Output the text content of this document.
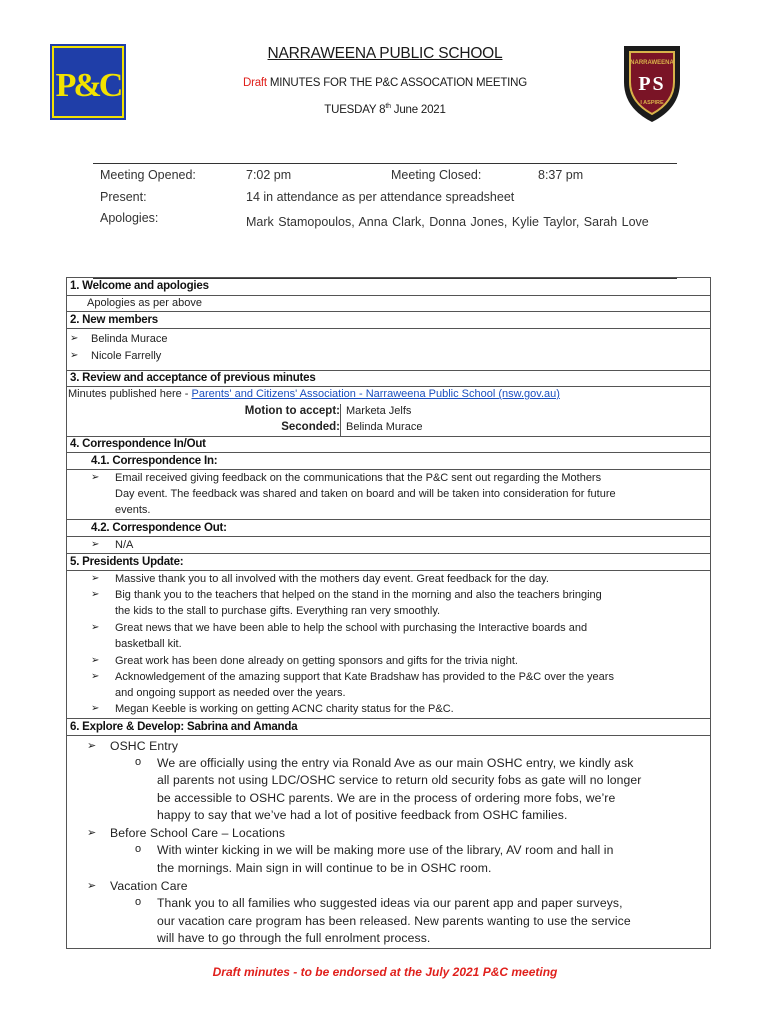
P&C
NARRAWEENA
PS
I ASPIRE
NARRAWEENA PUBLIC SCHOOL
Draft MINUTES FOR THE P&C ASSOCATION MEETING
TUESDAY 8th June 2021
Meeting Opened:	7:02 pm	Meeting Closed:	8:37 pm
Present:	14 in attendance as per attendance spreadsheet
Apologies:	Mark Stamopoulos, Anna Clark, Donna Jones, Kylie Taylor, Sarah Love
1. Welcome and apologies
Apologies as per above
2. New members
➢ Belinda Murace
➢ Nicole Farrelly
3. Review and acceptance of previous minutes
Minutes published here - Parents' and Citizens' Association - Narraweena Public School (nsw.gov.au)
Motion to accept: Marketa Jelfs
Seconded: Belinda Murace
4. Correspondence In/Out
4.1. Correspondence In:
➢ Email received giving feedback on the communications that the P&C sent out regarding the Mothers
Day event. The feedback was shared and taken on board and will be taken into consideration for future
events.
4.2. Correspondence Out:
➢ N/A
5. Presidents Update:
➢ Massive thank you to all involved with the mothers day event. Great feedback for the day.
➢ Big thank you to the teachers that helped on the stand in the morning and also the teachers bringing
the kids to the stall to purchase gifts. Everything ran very smoothly.
➢ Great news that we have been able to help the school with purchasing the Interactive boards and
basketball kit.
➢ Great work has been done already on getting sponsors and gifts for the trivia night.
➢ Acknowledgement of the amazing support that Kate Bradshaw has provided to the P&C over the years
and ongoing support as needed over the years.
➢ Megan Keeble is working on getting ACNC charity status for the P&C.
6. Explore & Develop: Sabrina and Amanda
➢ OSHC Entry
o We are officially using the entry via Ronald Ave as our main OSHC entry, we kindly ask
all parents not using LDC/OSHC service to return old security fobs as gate will no longer
be accessible to OSHC parents. We are in the process of ordering more fobs, we’re
happy to say that we’ve had a lot of positive feedback from OSHC families.
➢ Before School Care – Locations
o With winter kicking in we will be making more use of the library, AV room and hall in
the mornings. Main sign in will continue to be in OSHC room.
➢ Vacation Care
o Thank you to all families who suggested ideas via our parent app and paper surveys,
our vacation care program has been released. New parents wanting to use the service
will have to go through the full enrolment process.
Draft minutes - to be endorsed at the July 2021 P&C meeting
